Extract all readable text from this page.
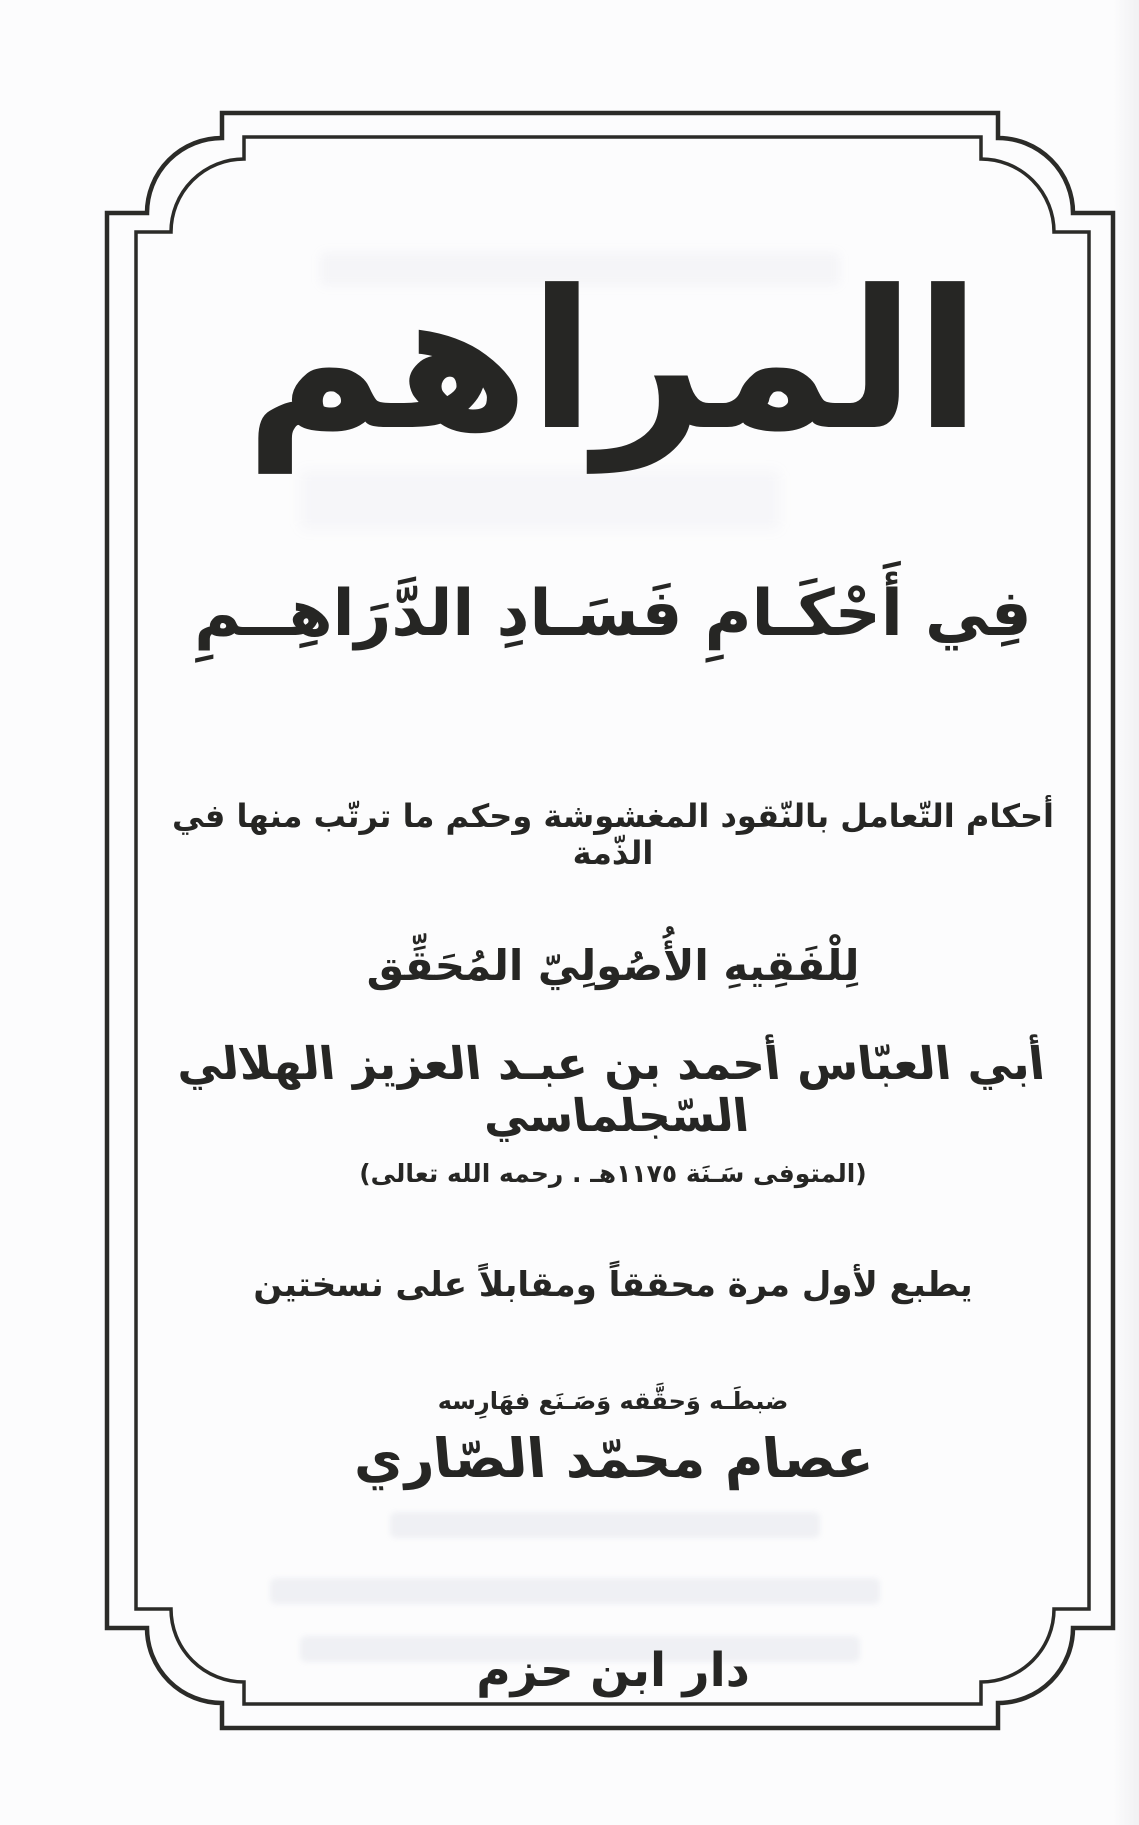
المراهم
فِي أَحْكَـامِ فَسَـادِ الدَّرَاهِــمِ
أحكام التّعامل بالنّقود المغشوشة وحكم ما ترتّب منها في الذّمة
لِلْفَقِيهِ الأُصُولِيّ المُحَقِّق
أبي العبّاس أحمد بن عبـد العزيز الهلالي السّجلماسي
(المتوفى سَـنَة ١١٧٥هـ . رحمه الله تعالى)
يطبع لأول مرة محققاً ومقابلاً على نسختين
ضبطَـه وَحقَّقه وَصَـنَع فهَارِسه
عصام محمّد الصّاري
دار ابن حزم
